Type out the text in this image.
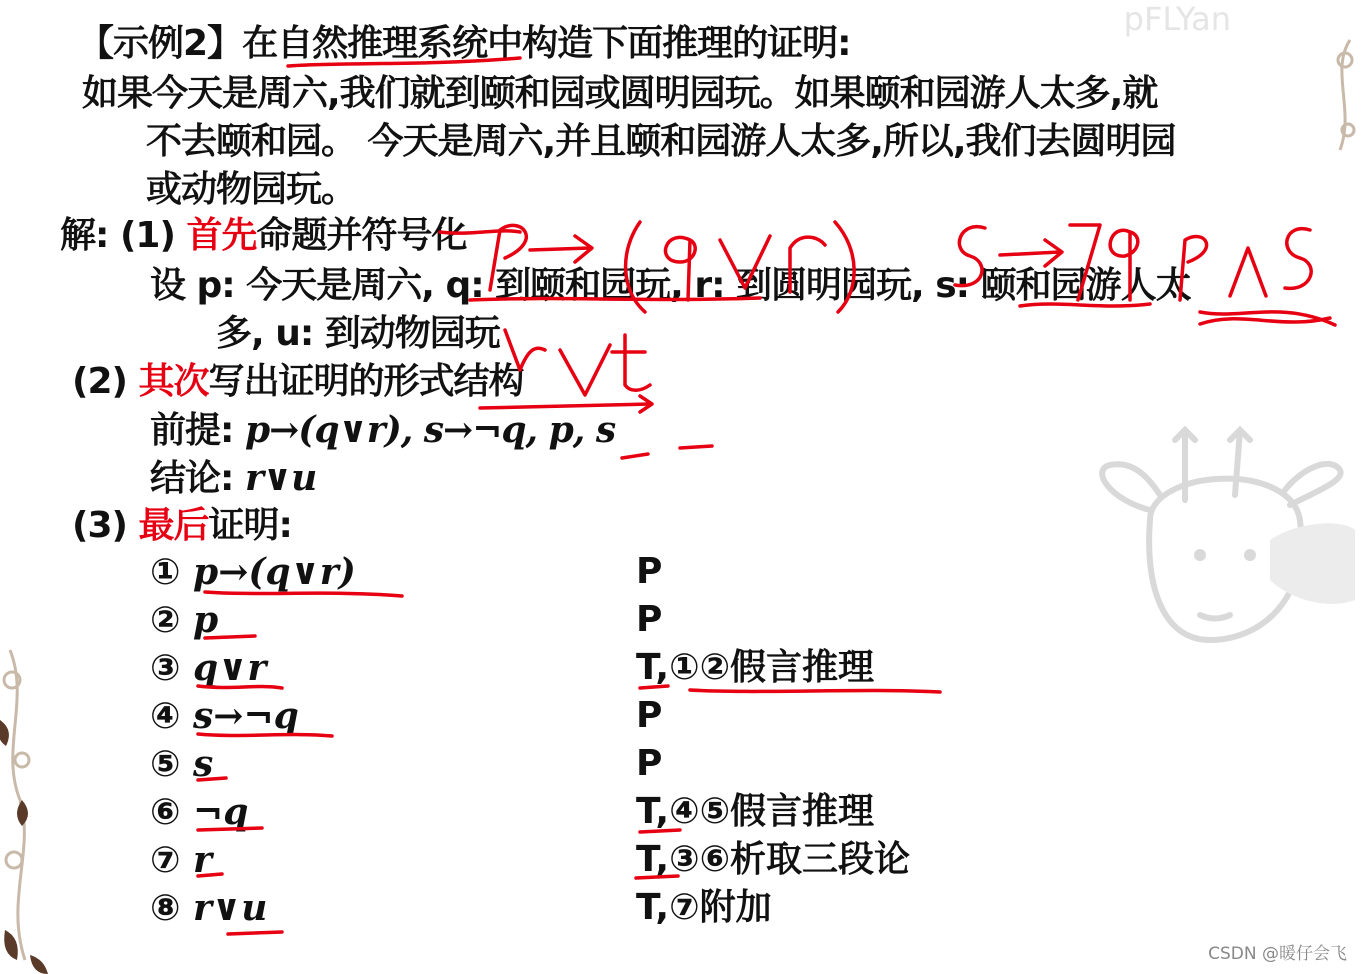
pFLYan
【示例2】在自然推理系统中构造下面推理的证明:
如果今天是周六,我们就到颐和园或圆明园玩。如果颐和园游人太多,就
不去颐和园。 今天是周六,并且颐和园游人太多,所以,我们去圆明园
或动物园玩。
解: (1) 首先命题并符号化
设 p: 今天是周六, q: 到颐和园玩, r: 到圆明园玩, s: 颐和园游人太
多, u: 到动物园玩
(2) 其次写出证明的形式结构
前提: p→(q∨r), s→¬q, p, s
结论: r∨u
(3) 最后证明:
① p→(q∨r)	P
② p	P
③ q∨r	T,①②假言推理
④ s→¬q	P
⑤ s	P
⑥ ¬q	T,④⑤假言推理
⑦ r	T,③⑥析取三段论
⑧ r∨u	T,⑦附加
CSDN @暖仔会飞
